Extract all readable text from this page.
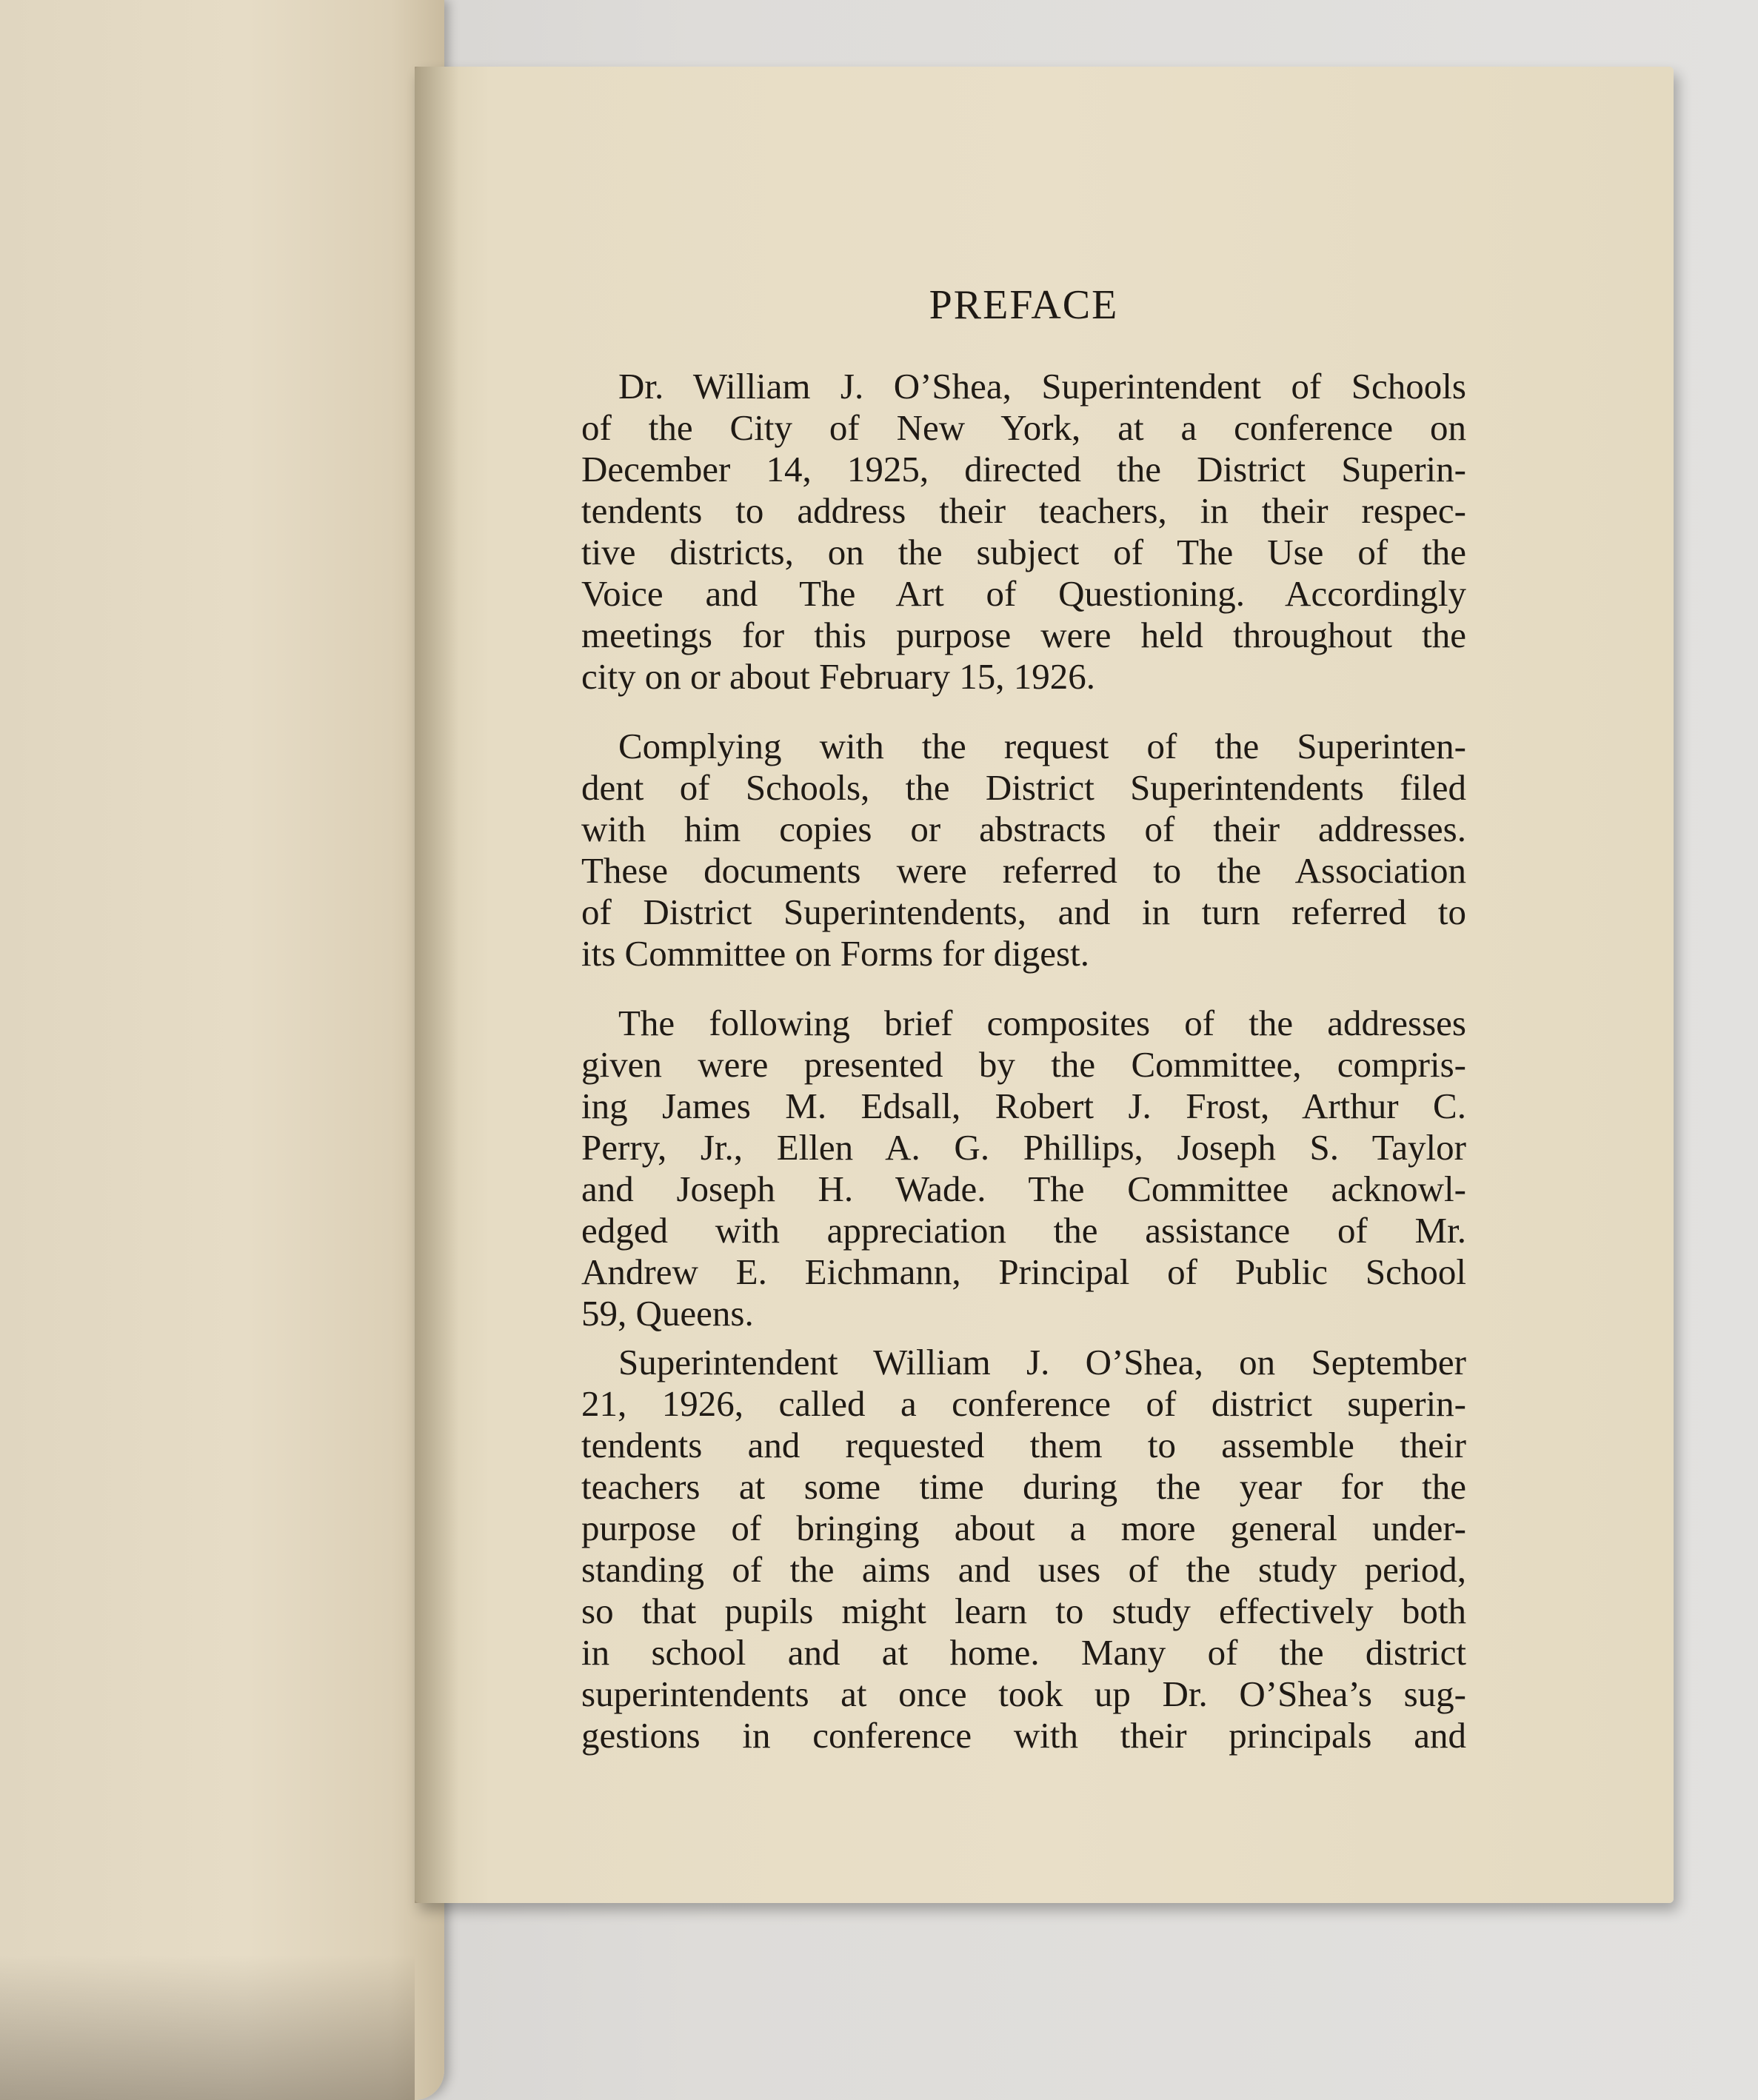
PREFACE
Dr. William J. O’Shea, Superintendent of Schools
of the City of New York, at a conference on
December 14, 1925, directed the District Superin-
tendents to address their teachers, in their respec-
tive districts, on the subject of The Use of the
Voice and The Art of Questioning. Accordingly
meetings for this purpose were held throughout the
city on or about February 15, 1926.
Complying with the request of the Superinten-
dent of Schools, the District Superintendents filed
with him copies or abstracts of their addresses.
These documents were referred to the Association
of District Superintendents, and in turn referred to
its Committee on Forms for digest.
The following brief composites of the addresses
given were presented by the Committee, compris-
ing James M. Edsall, Robert J. Frost, Arthur C.
Perry, Jr., Ellen A. G. Phillips, Joseph S. Taylor
and Joseph H. Wade. The Committee acknowl-
edged with appreciation the assistance of Mr.
Andrew E. Eichmann, Principal of Public School
59, Queens.
Superintendent William J. O’Shea, on September
21, 1926, called a conference of district superin-
tendents and requested them to assemble their
teachers at some time during the year for the
purpose of bringing about a more general under-
standing of the aims and uses of the study period,
so that pupils might learn to study effectively both
in school and at home. Many of the district
superintendents at once took up Dr. O’Shea’s sug-
gestions in conference with their principals and
